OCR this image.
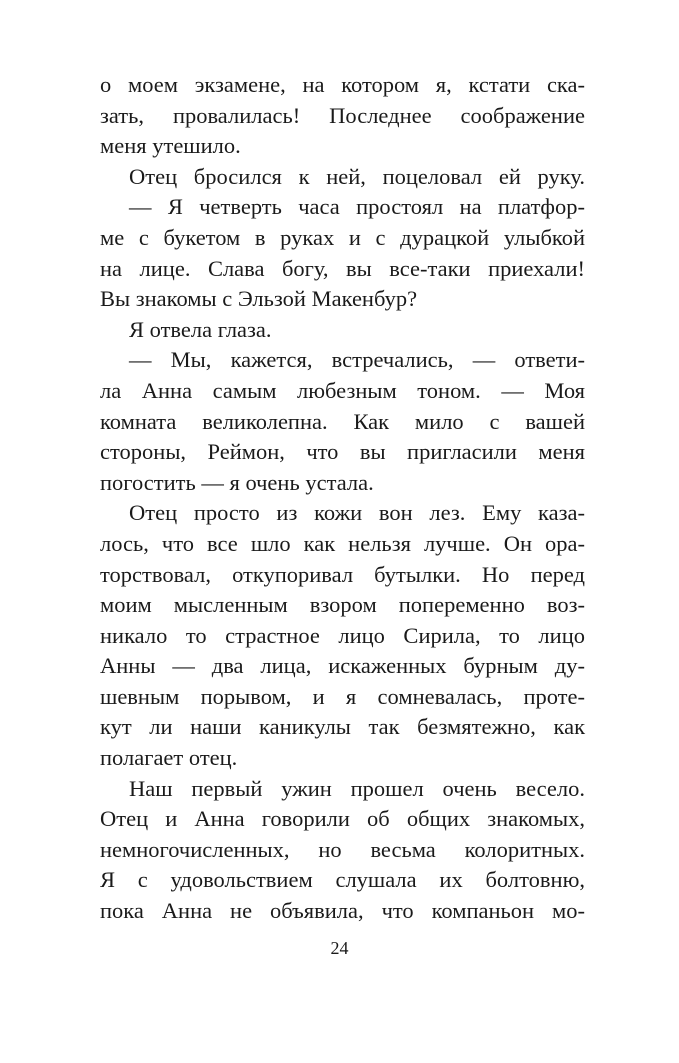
о моем экзамене, на котором я, кстати ска-
зать, провалилась! Последнее соображение
меня утешило.
Отец бросился к ней, поцеловал ей руку.
— Я четверть часа простоял на платфор-
ме с букетом в руках и с дурацкой улыбкой
на лице. Слава богу, вы все-таки приехали!
Вы знакомы с Эльзой Макенбур?
Я отвела глаза.
— Мы, кажется, встречались, — ответи-
ла Анна самым любезным тоном. — Моя
комната великолепна. Как мило с вашей
стороны, Реймон, что вы пригласили меня
погостить — я очень устала.
Отец просто из кожи вон лез. Ему каза-
лось, что все шло как нельзя лучше. Он ора-
торствовал, откупоривал бутылки. Но перед
моим мысленным взором попеременно воз-
никало то страстное лицо Сирила, то лицо
Анны — два лица, искаженных бурным ду-
шевным порывом, и я сомневалась, проте-
кут ли наши каникулы так безмятежно, как
полагает отец.
Наш первый ужин прошел очень весело.
Отец и Анна говорили об общих знакомых,
немногочисленных, но весьма колоритных.
Я с удовольствием слушала их болтовню,
пока Анна не объявила, что компаньон мо-
24
